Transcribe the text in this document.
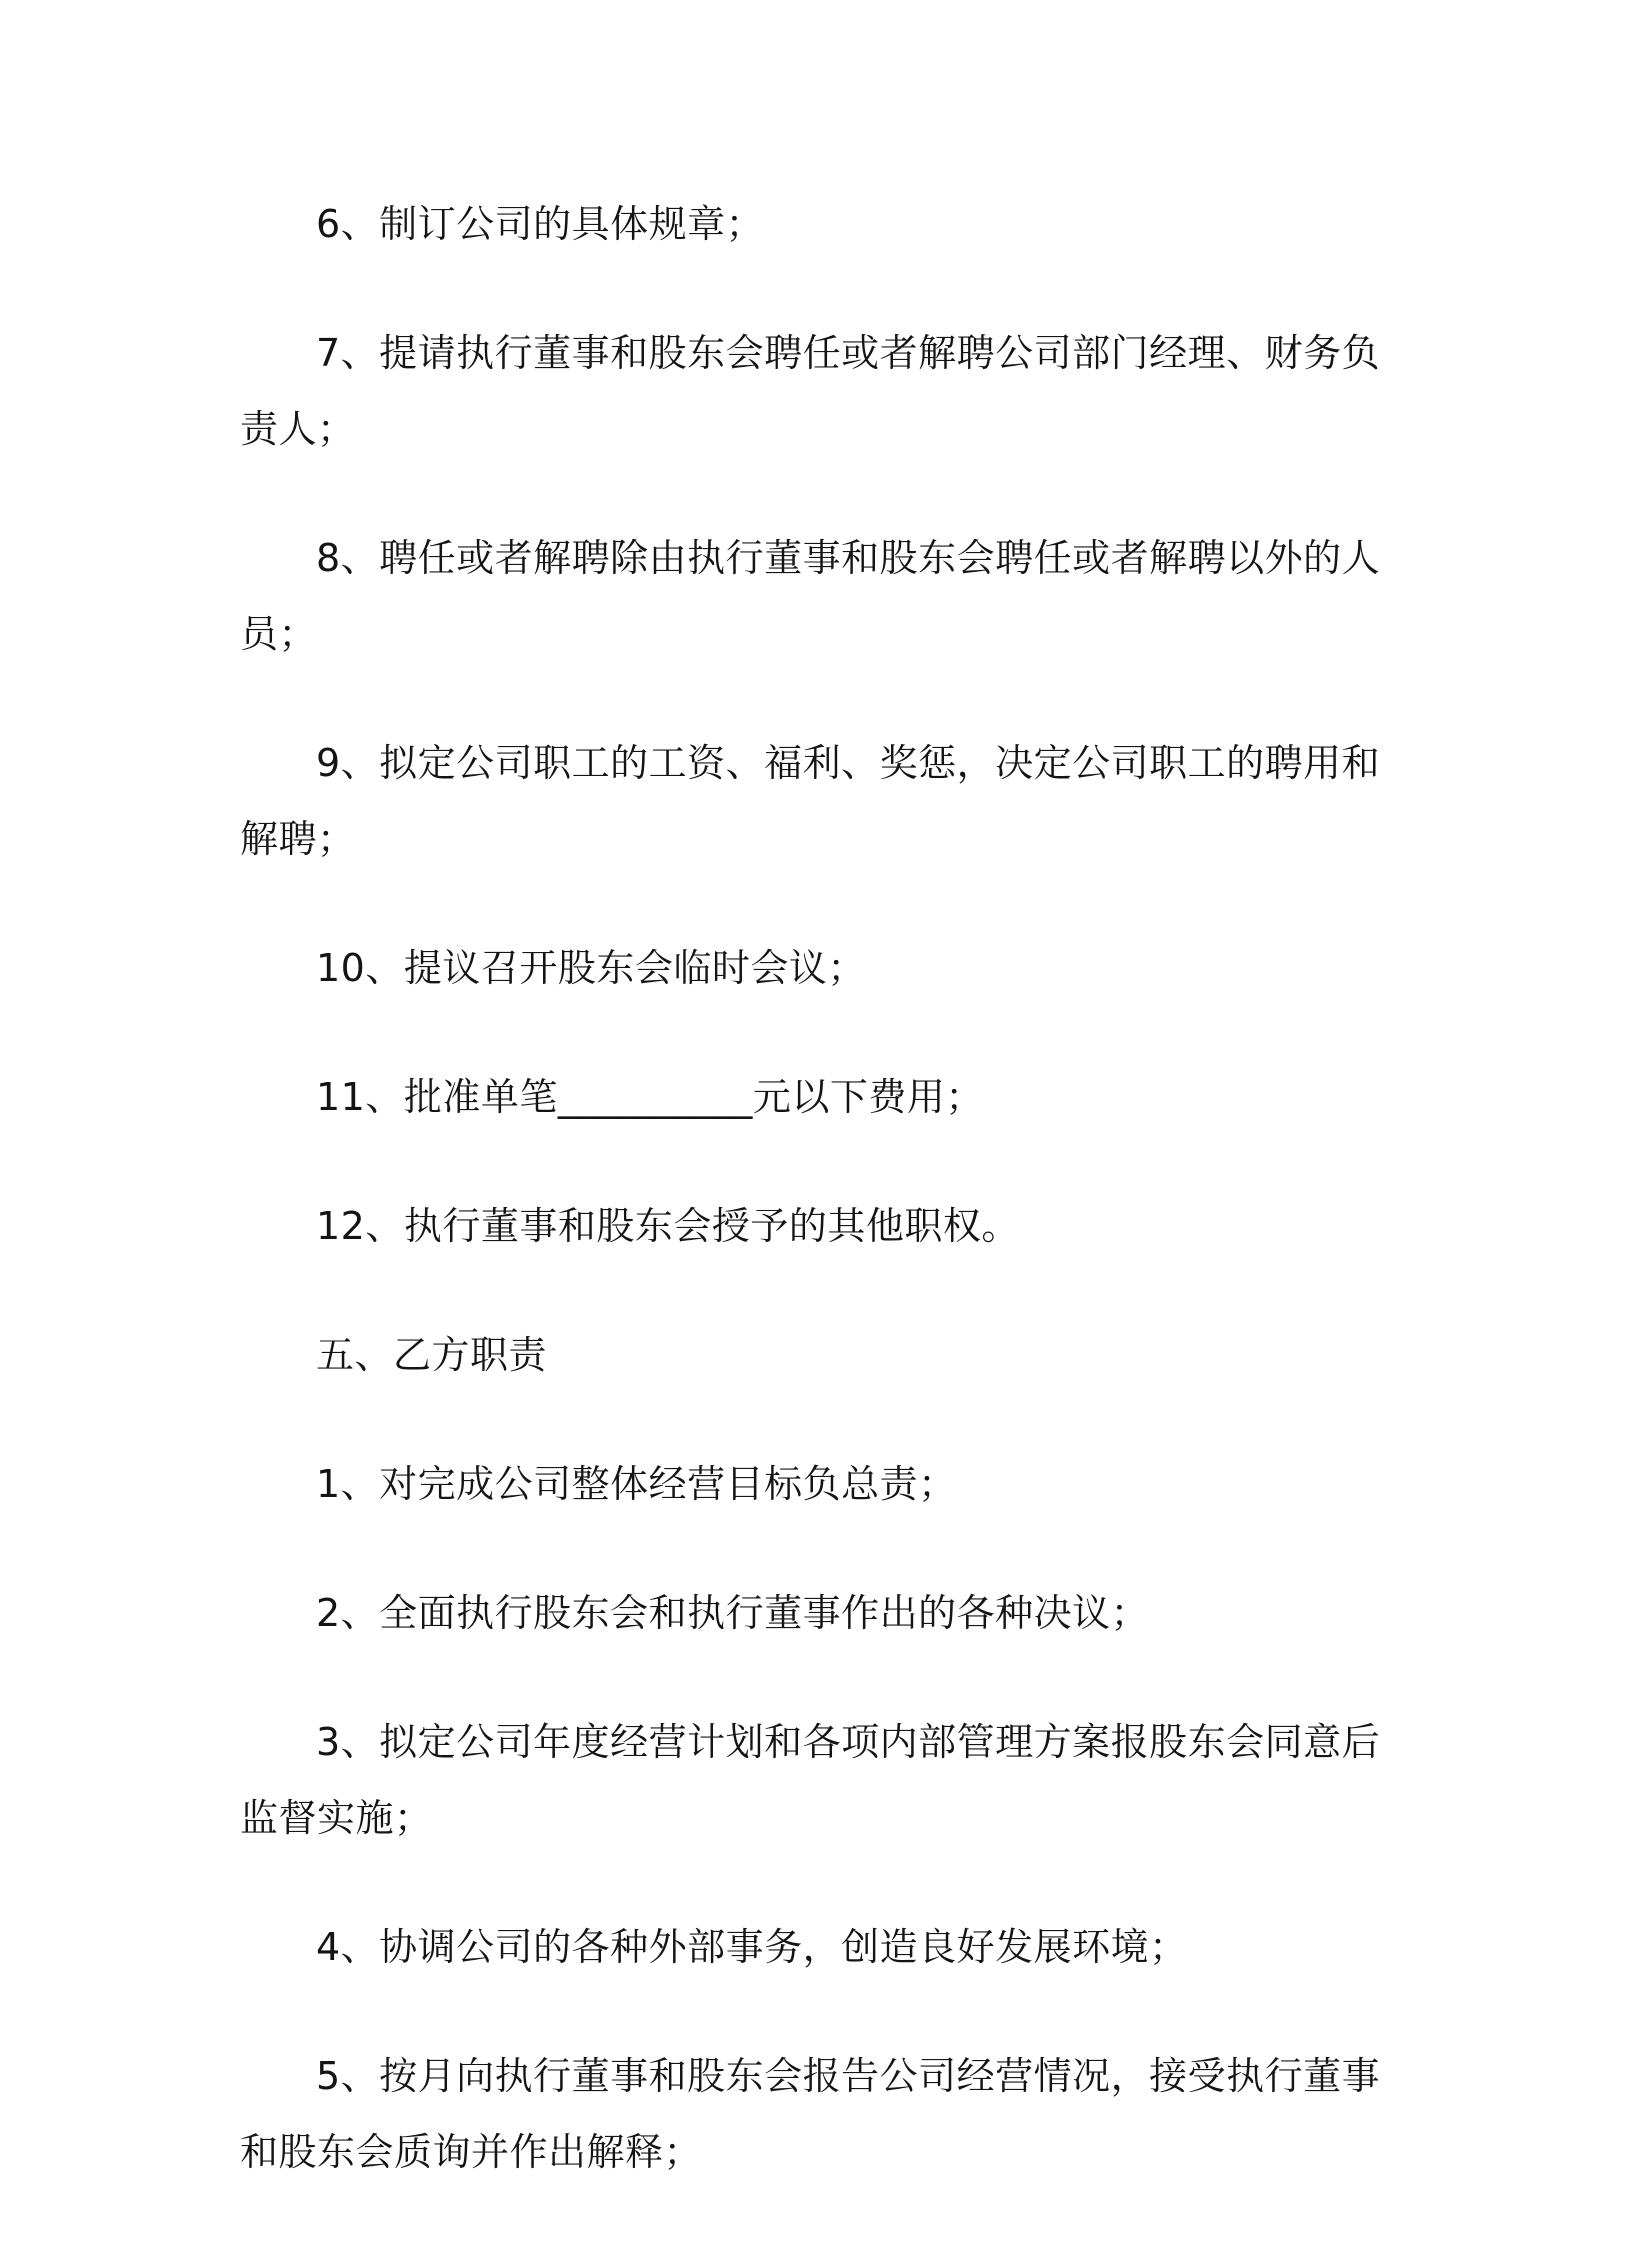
6、制订公司的具体规章；

7、提请执行董事和股东会聘任或者解聘公司部门经理、财务负责人；

8、聘任或者解聘除由执行董事和股东会聘任或者解聘以外的人员；

9、拟定公司职工的工资、福利、奖惩，决定公司职工的聘用和解聘；

10、提议召开股东会临时会议；

11、批准单笔__________元以下费用；

12、执行董事和股东会授予的其他职权。

五、乙方职责

1、对完成公司整体经营目标负总责；

2、全面执行股东会和执行董事作出的各种决议；

3、拟定公司年度经营计划和各项内部管理方案报股东会同意后监督实施；

4、协调公司的各种外部事务，创造良好发展环境；

5、按月向执行董事和股东会报告公司经营情况，接受执行董事和股东会质询并作出解释；
